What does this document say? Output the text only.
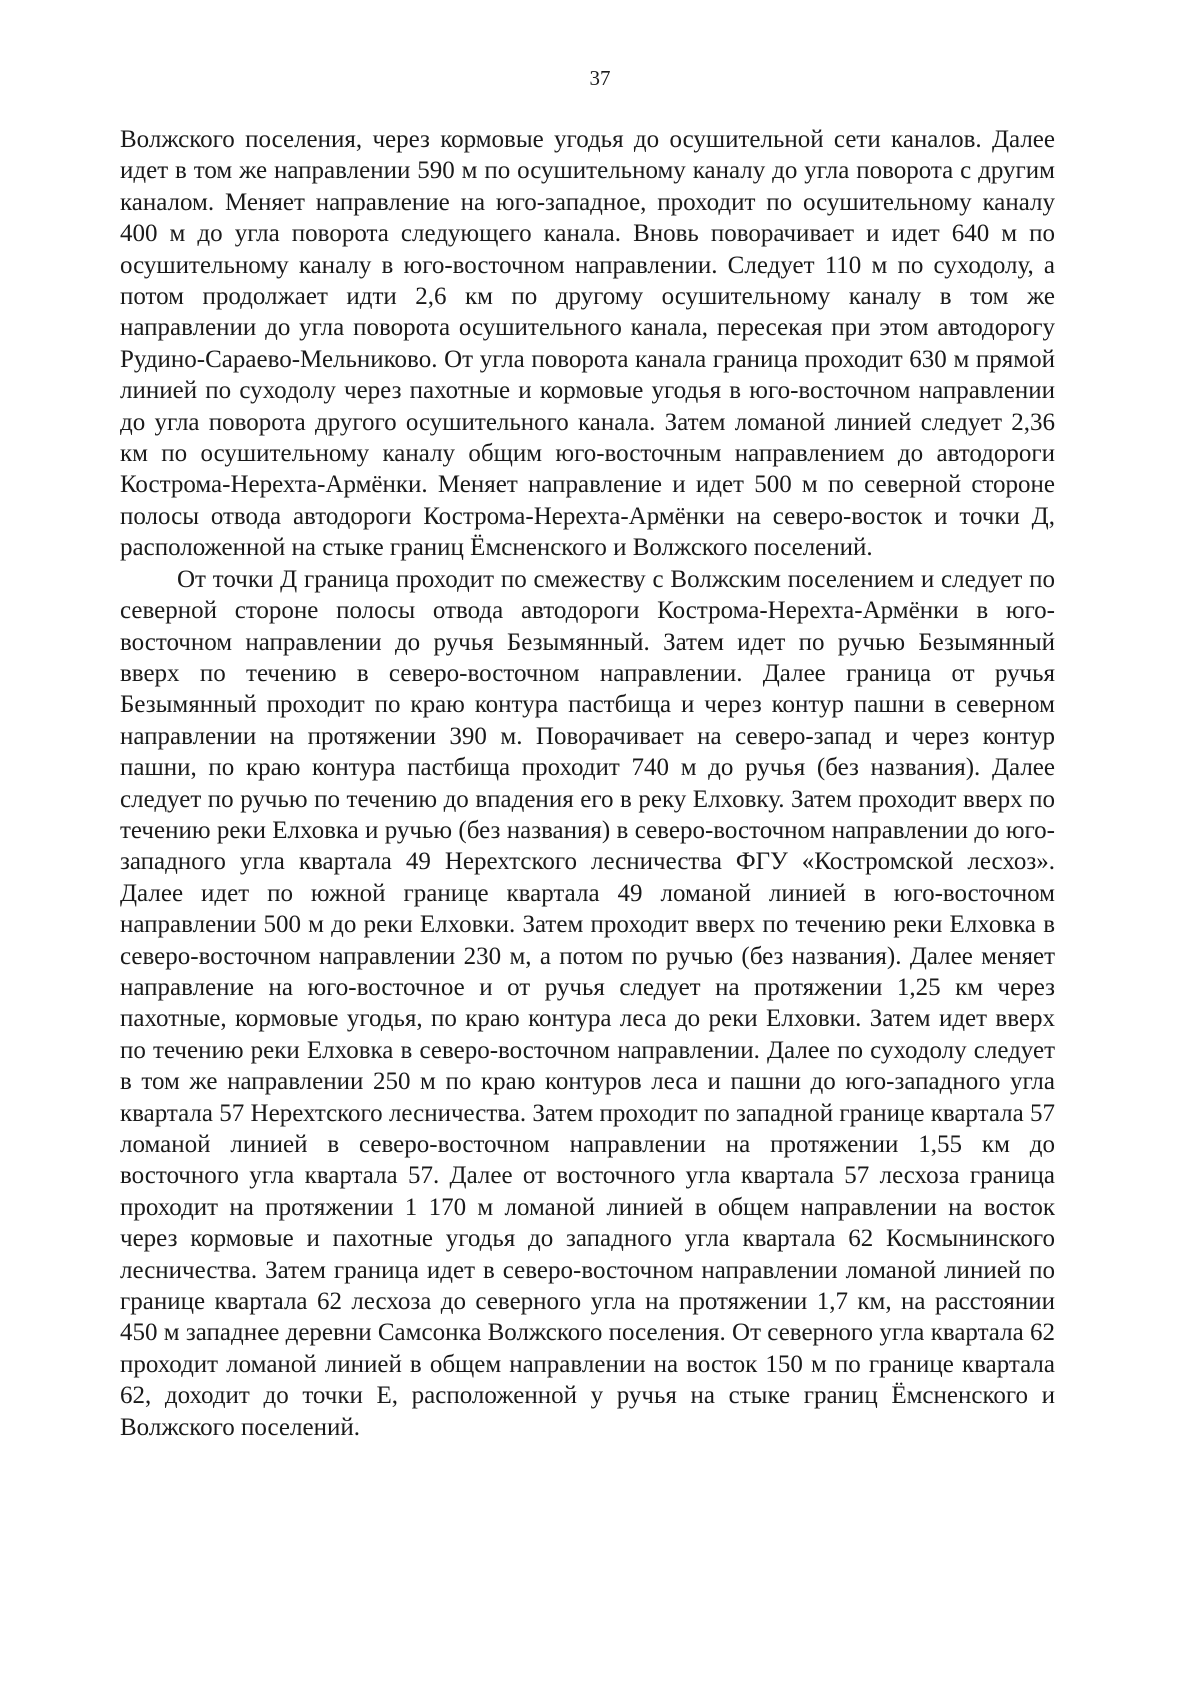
37

Волжского поселения, через кормовые угодья до осушительной сети каналов. Далее идет в том же направлении 590 м по осушительному каналу до угла поворота с другим каналом. Меняет направление на юго-западное, проходит по осушительному каналу 400 м до угла поворота следующего канала. Вновь поворачивает и идет 640 м по осушительному каналу в юго-восточном направлении. Следует 110 м по суходолу, а потом продолжает идти 2,6 км по другому осушительному каналу в том же направлении до угла поворота осушительного канала, пересекая при этом автодорогу Рудино-Сараево-Мельниково. От угла поворота канала граница проходит 630 м прямой линией по суходолу через пахотные и кормовые угодья в юго-восточном направлении до угла поворота другого осушительного канала. Затем ломаной линией следует 2,36 км по осушительному каналу общим юго-восточным направлением до автодороги Кострома-Нерехта-Армёнки. Меняет направление и идет 500 м по северной стороне полосы отвода автодороги Кострома-Нерехта-Армёнки на северо-восток и точки Д, расположенной на стыке границ Ёмсненского и Волжского поселений.

От точки Д граница проходит по смежеству с Волжским поселением и следует по северной стороне полосы отвода автодороги Кострома-Нерехта-Армёнки в юго-восточном направлении до ручья Безымянный. Затем идет по ручью Безымянный вверх по течению в северо-восточном направлении. Далее граница от ручья Безымянный проходит по краю контура пастбища и через контур пашни в северном направлении на протяжении 390 м. Поворачивает на северо-запад и через контур пашни, по краю контура пастбища проходит 740 м до ручья (без названия). Далее следует по ручью по течению до впадения его в реку Елховку. Затем проходит вверх по течению реки Елховка и ручью (без названия) в северо-восточном направлении до юго-западного угла квартала 49 Нерехтского лесничества ФГУ «Костромской лесхоз». Далее идет по южной границе квартала 49 ломаной линией в юго-восточном направлении 500 м до реки Елховки. Затем проходит вверх по течению реки Елховка в северо-восточном направлении 230 м, а потом по ручью (без названия). Далее меняет направление на юго-восточное и от ручья следует на протяжении 1,25 км через пахотные, кормовые угодья, по краю контура леса до реки Елховки. Затем идет вверх по течению реки Елховка в северо-восточном направлении. Далее по суходолу следует в том же направлении 250 м по краю контуров леса и пашни до юго-западного угла квартала 57 Нерехтского лесничества. Затем проходит по западной границе квартала 57 ломаной линией в северо-восточном направлении на протяжении 1,55 км до восточного угла квартала 57. Далее от восточного угла квартала 57 лесхоза граница проходит на протяжении 1 170 м ломаной линией в общем направлении на восток через кормовые и пахотные угодья до западного угла квартала 62 Космынинского лесничества. Затем граница идет в северо-восточном направлении ломаной линией по границе квартала 62 лесхоза до северного угла на протяжении 1,7 км, на расстоянии 450 м западнее деревни Самсонка Волжского поселения. От северного угла квартала 62 проходит ломаной линией в общем направлении на восток 150 м по границе квартала 62, доходит до точки Е, расположенной у ручья на стыке границ Ёмсненского и Волжского поселений.
